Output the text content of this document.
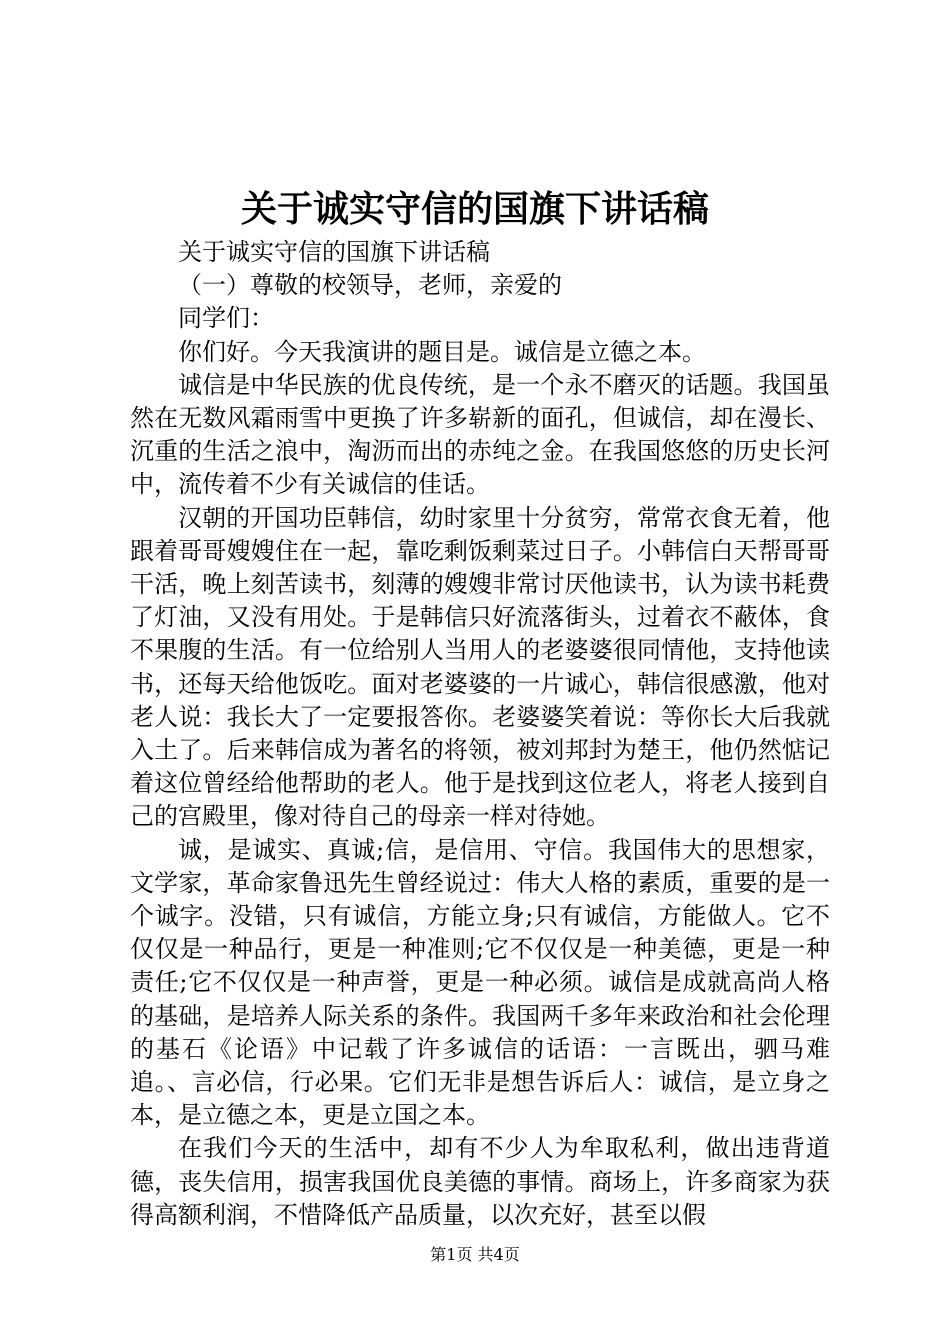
关于诚实守信的国旗下讲话稿

关于诚实守信的国旗下讲话稿

（一）尊敬的校领导，老师，亲爱的

同学们：

你们好。今天我演讲的题目是。诚信是立德之本。

诚信是中华民族的优良传统，是一个永不磨灭的话题。我国虽然在无数风霜雨雪中更换了许多崭新的面孔，但诚信，却在漫长、沉重的生活之浪中，淘沥而出的赤纯之金。在我国悠悠的历史长河中，流传着不少有关诚信的佳话。

汉朝的开国功臣韩信，幼时家里十分贫穷，常常衣食无着，他跟着哥哥嫂嫂住在一起，靠吃剩饭剩菜过日子。小韩信白天帮哥哥干活，晚上刻苦读书，刻薄的嫂嫂非常讨厌他读书，认为读书耗费了灯油，又没有用处。于是韩信只好流落街头，过着衣不蔽体，食不果腹的生活。有一位给别人当用人的老婆婆很同情他，支持他读书，还每天给他饭吃。面对老婆婆的一片诚心，韩信很感激，他对老人说：我长大了一定要报答你。老婆婆笑着说：等你长大后我就入土了。后来韩信成为著名的将领，被刘邦封为楚王，他仍然惦记着这位曾经给他帮助的老人。他于是找到这位老人，将老人接到自己的宫殿里，像对待自己的母亲一样对待她。

诚，是诚实、真诚;信，是信用、守信。我国伟大的思想家，文学家，革命家鲁迅先生曾经说过：伟大人格的素质，重要的是一个诚字。没错，只有诚信，方能立身;只有诚信，方能做人。它不仅仅是一种品行，更是一种准则;它不仅仅是一种美德，更是一种责任;它不仅仅是一种声誉，更是一种必须。诚信是成就高尚人格的基础，是培养人际关系的条件。我国两千多年来政治和社会伦理的基石《论语》中记载了许多诚信的话语：一言既出，驷马难追。、言必信，行必果。它们无非是想告诉后人：诚信，是立身之本，是立德之本，更是立国之本。

在我们今天的生活中，却有不少人为牟取私利，做出违背道德，丧失信用，损害我国优良美德的事情。商场上，许多商家为获得高额利润，不惜降低产品质量，以次充好，甚至以假

第1页 共4页
